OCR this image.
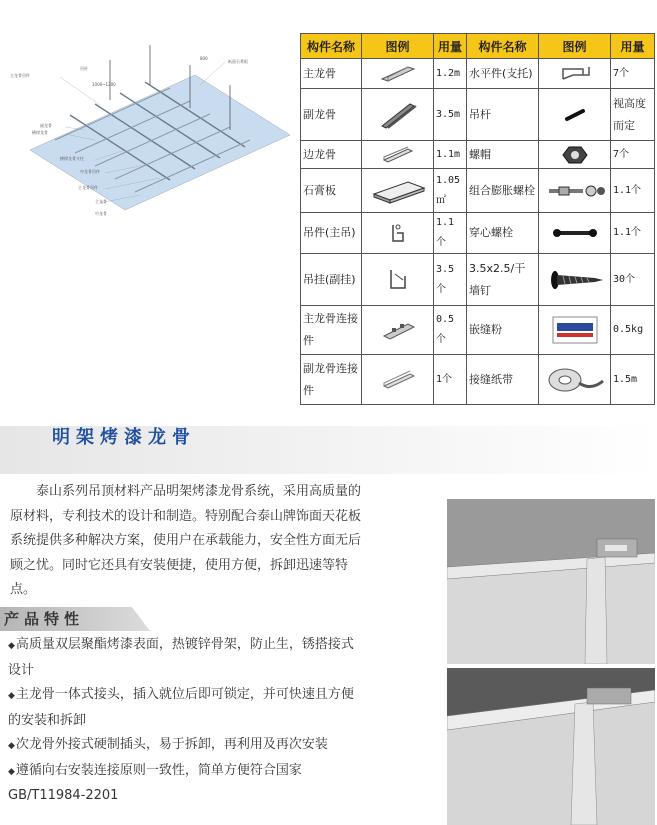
纸面石膏板
主龙骨吊件
吊杆
副龙骨
横撑龙骨
横撑龙骨支托
中龙骨吊件
主龙骨吊件
主龙骨
中龙骨
800
1000~1200
构件名称	图例	用量	构件名称	图例	用量
主龙骨		1.2m	水平件(支托)		7个
副龙骨		3.5m	吊杆		视高度而定
边龙骨		1.1m	螺帽		7个
石膏板		1.05㎡	组合膨胀螺栓		1.1个
吊件(主吊)		1.1个	穿心螺栓		1.1个
吊挂(副挂)		3.5个	3.5x2.5/干墙钉		30个
主龙骨连接件		0.5个	嵌缝粉		0.5kg
副龙骨连接件		1个	接缝纸带		1.5m
明架烤漆龙骨

泰山系列吊顶材料产品明架烤漆龙骨系统，采用高质量的原材料，专利技术的设计和制造。特别配合泰山牌饰面天花板系统提供多种解决方案，使用户在承载能力，安全性方面无后顾之忧。同时它还具有安装便捷，使用方便，拆卸迅速等特点。

产品特性
◆高质量双层聚酯烤漆表面，热镀锌骨架，防止生，锈搭接式设计
◆主龙骨一体式接头，插入就位后即可锁定，并可快速且方便的安装和拆卸
◆次龙骨外接式硬制插头，易于拆卸，再利用及再次安装
◆遵循向右安装连接原则一致性，简单方便符合国家GB/T11984-2201
